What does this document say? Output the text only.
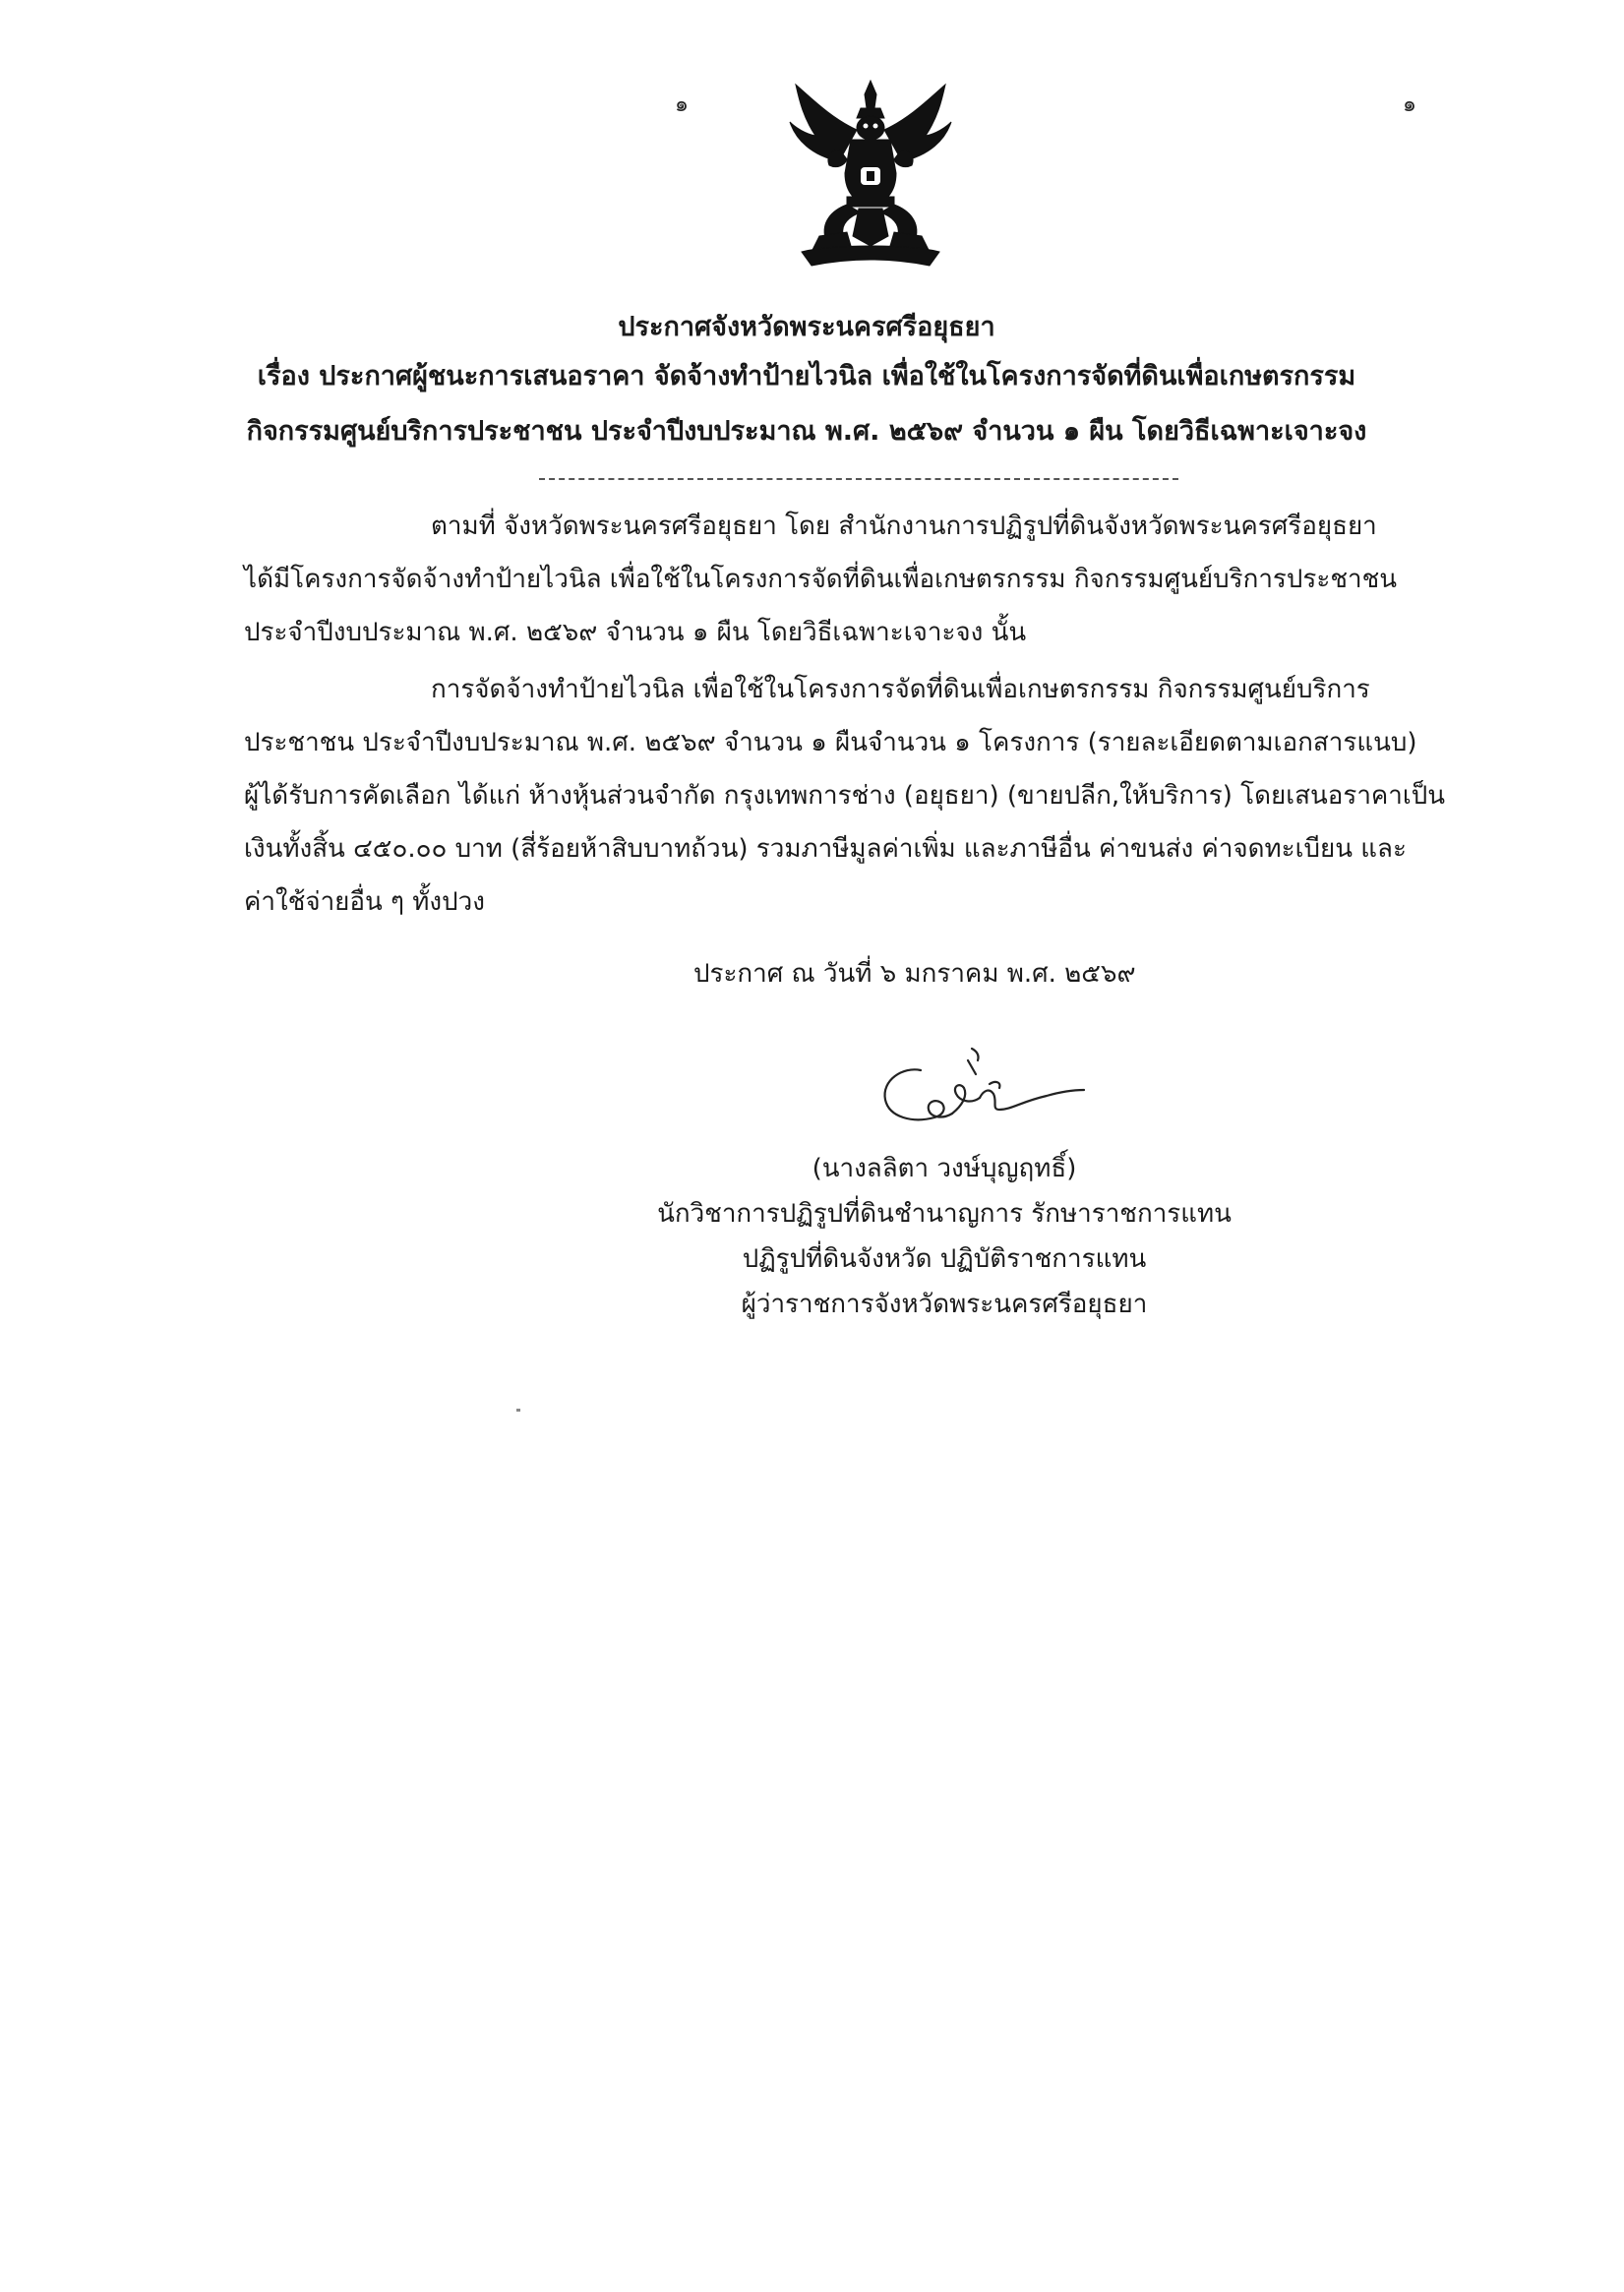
๑	๑
ประกาศจังหวัดพระนครศรีอยุธยา
เรื่อง ประกาศผู้ชนะการเสนอราคา จัดจ้างทำป้ายไวนิล เพื่อใช้ในโครงการจัดที่ดินเพื่อเกษตรกรรม
กิจกรรมศูนย์บริการประชาชน ประจำปีงบประมาณ พ.ศ. ๒๕๖๙ จำนวน ๑ ผืน โดยวิธีเฉพาะเจาะจง
ตามที่ จังหวัดพระนครศรีอยุธยา โดย สำนักงานการปฏิรูปที่ดินจังหวัดพระนครศรีอยุธยา
ได้มีโครงการจัดจ้างทำป้ายไวนิล เพื่อใช้ในโครงการจัดที่ดินเพื่อเกษตรกรรม กิจกรรมศูนย์บริการประชาชน
ประจำปีงบประมาณ พ.ศ. ๒๕๖๙ จำนวน ๑ ผืน โดยวิธีเฉพาะเจาะจง นั้น
การจัดจ้างทำป้ายไวนิล เพื่อใช้ในโครงการจัดที่ดินเพื่อเกษตรกรรม กิจกรรมศูนย์บริการ
ประชาชน ประจำปีงบประมาณ พ.ศ. ๒๕๖๙ จำนวน ๑ ผืนจำนวน ๑ โครงการ (รายละเอียดตามเอกสารแนบ)
ผู้ได้รับการคัดเลือก ได้แก่ ห้างหุ้นส่วนจำกัด กรุงเทพการช่าง (อยุธยา) (ขายปลีก,ให้บริการ) โดยเสนอราคาเป็น
เงินทั้งสิ้น ๔๕๐.๐๐ บาท (สี่ร้อยห้าสิบบาทถ้วน) รวมภาษีมูลค่าเพิ่ม และภาษีอื่น ค่าขนส่ง ค่าจดทะเบียน และ
ค่าใช้จ่ายอื่น ๆ ทั้งปวง
ประกาศ ณ วันที่ ๖ มกราคม พ.ศ. ๒๕๖๙
(นางลลิตา วงษ์บุญฤทธิ์)
นักวิชาการปฏิรูปที่ดินชำนาญการ รักษาราชการแทน
ปฏิรูปที่ดินจังหวัด ปฏิบัติราชการแทน
ผู้ว่าราชการจังหวัดพระนครศรีอยุธยา
